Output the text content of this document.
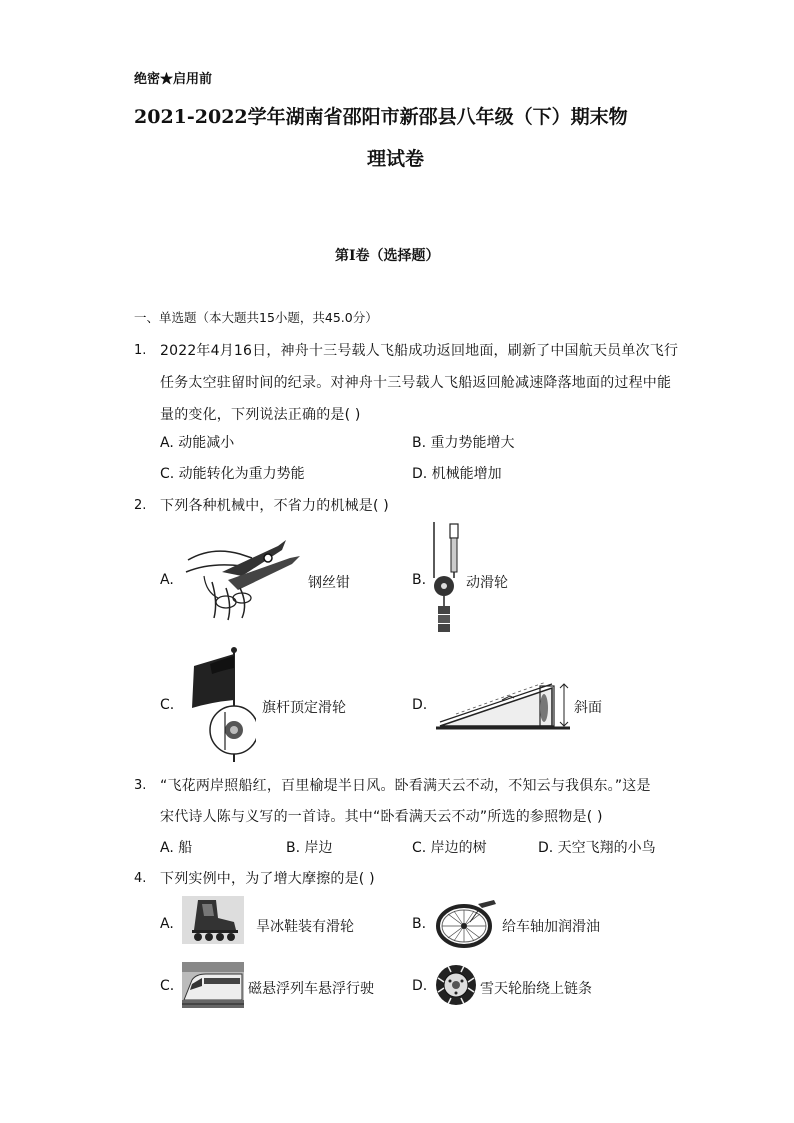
绝密★启用前
2021-2022学年湖南省邵阳市新邵县八年级（下）期末物
理试卷
第Ⅰ卷（选择题）
一、单选题（本大题共15小题，共45.0分）
1. 2022年4月16日，神舟十三号载人飞船成功返回地面，刷新了中国航天员单次飞行
任务太空驻留时间的纪录。对神舟十三号载人飞船返回舱减速降落地面的过程中能
量的变化，下列说法正确的是( )
A. 动能减小	B. 重力势能增大
C. 动能转化为重力势能	D. 机械能增加
2. 下列各种机械中，不省力的机械是( )
A.	钢丝钳	B.	动滑轮
C.	旗杆顶定滑轮	D.	斜面
3. “飞花两岸照船红，百里榆堤半日风。卧看满天云不动，不知云与我俱东。”这是
宋代诗人陈与义写的一首诗。其中“卧看满天云不动”所选的参照物是( )
A. 船	B. 岸边	C. 岸边的树	D. 天空飞翔的小鸟
4. 下列实例中，为了增大摩擦的是( )
A.	旱冰鞋装有滑轮	B.	给车轴加润滑油
C.	磁悬浮列车悬浮行驶	D.	雪天轮胎绕上链条
